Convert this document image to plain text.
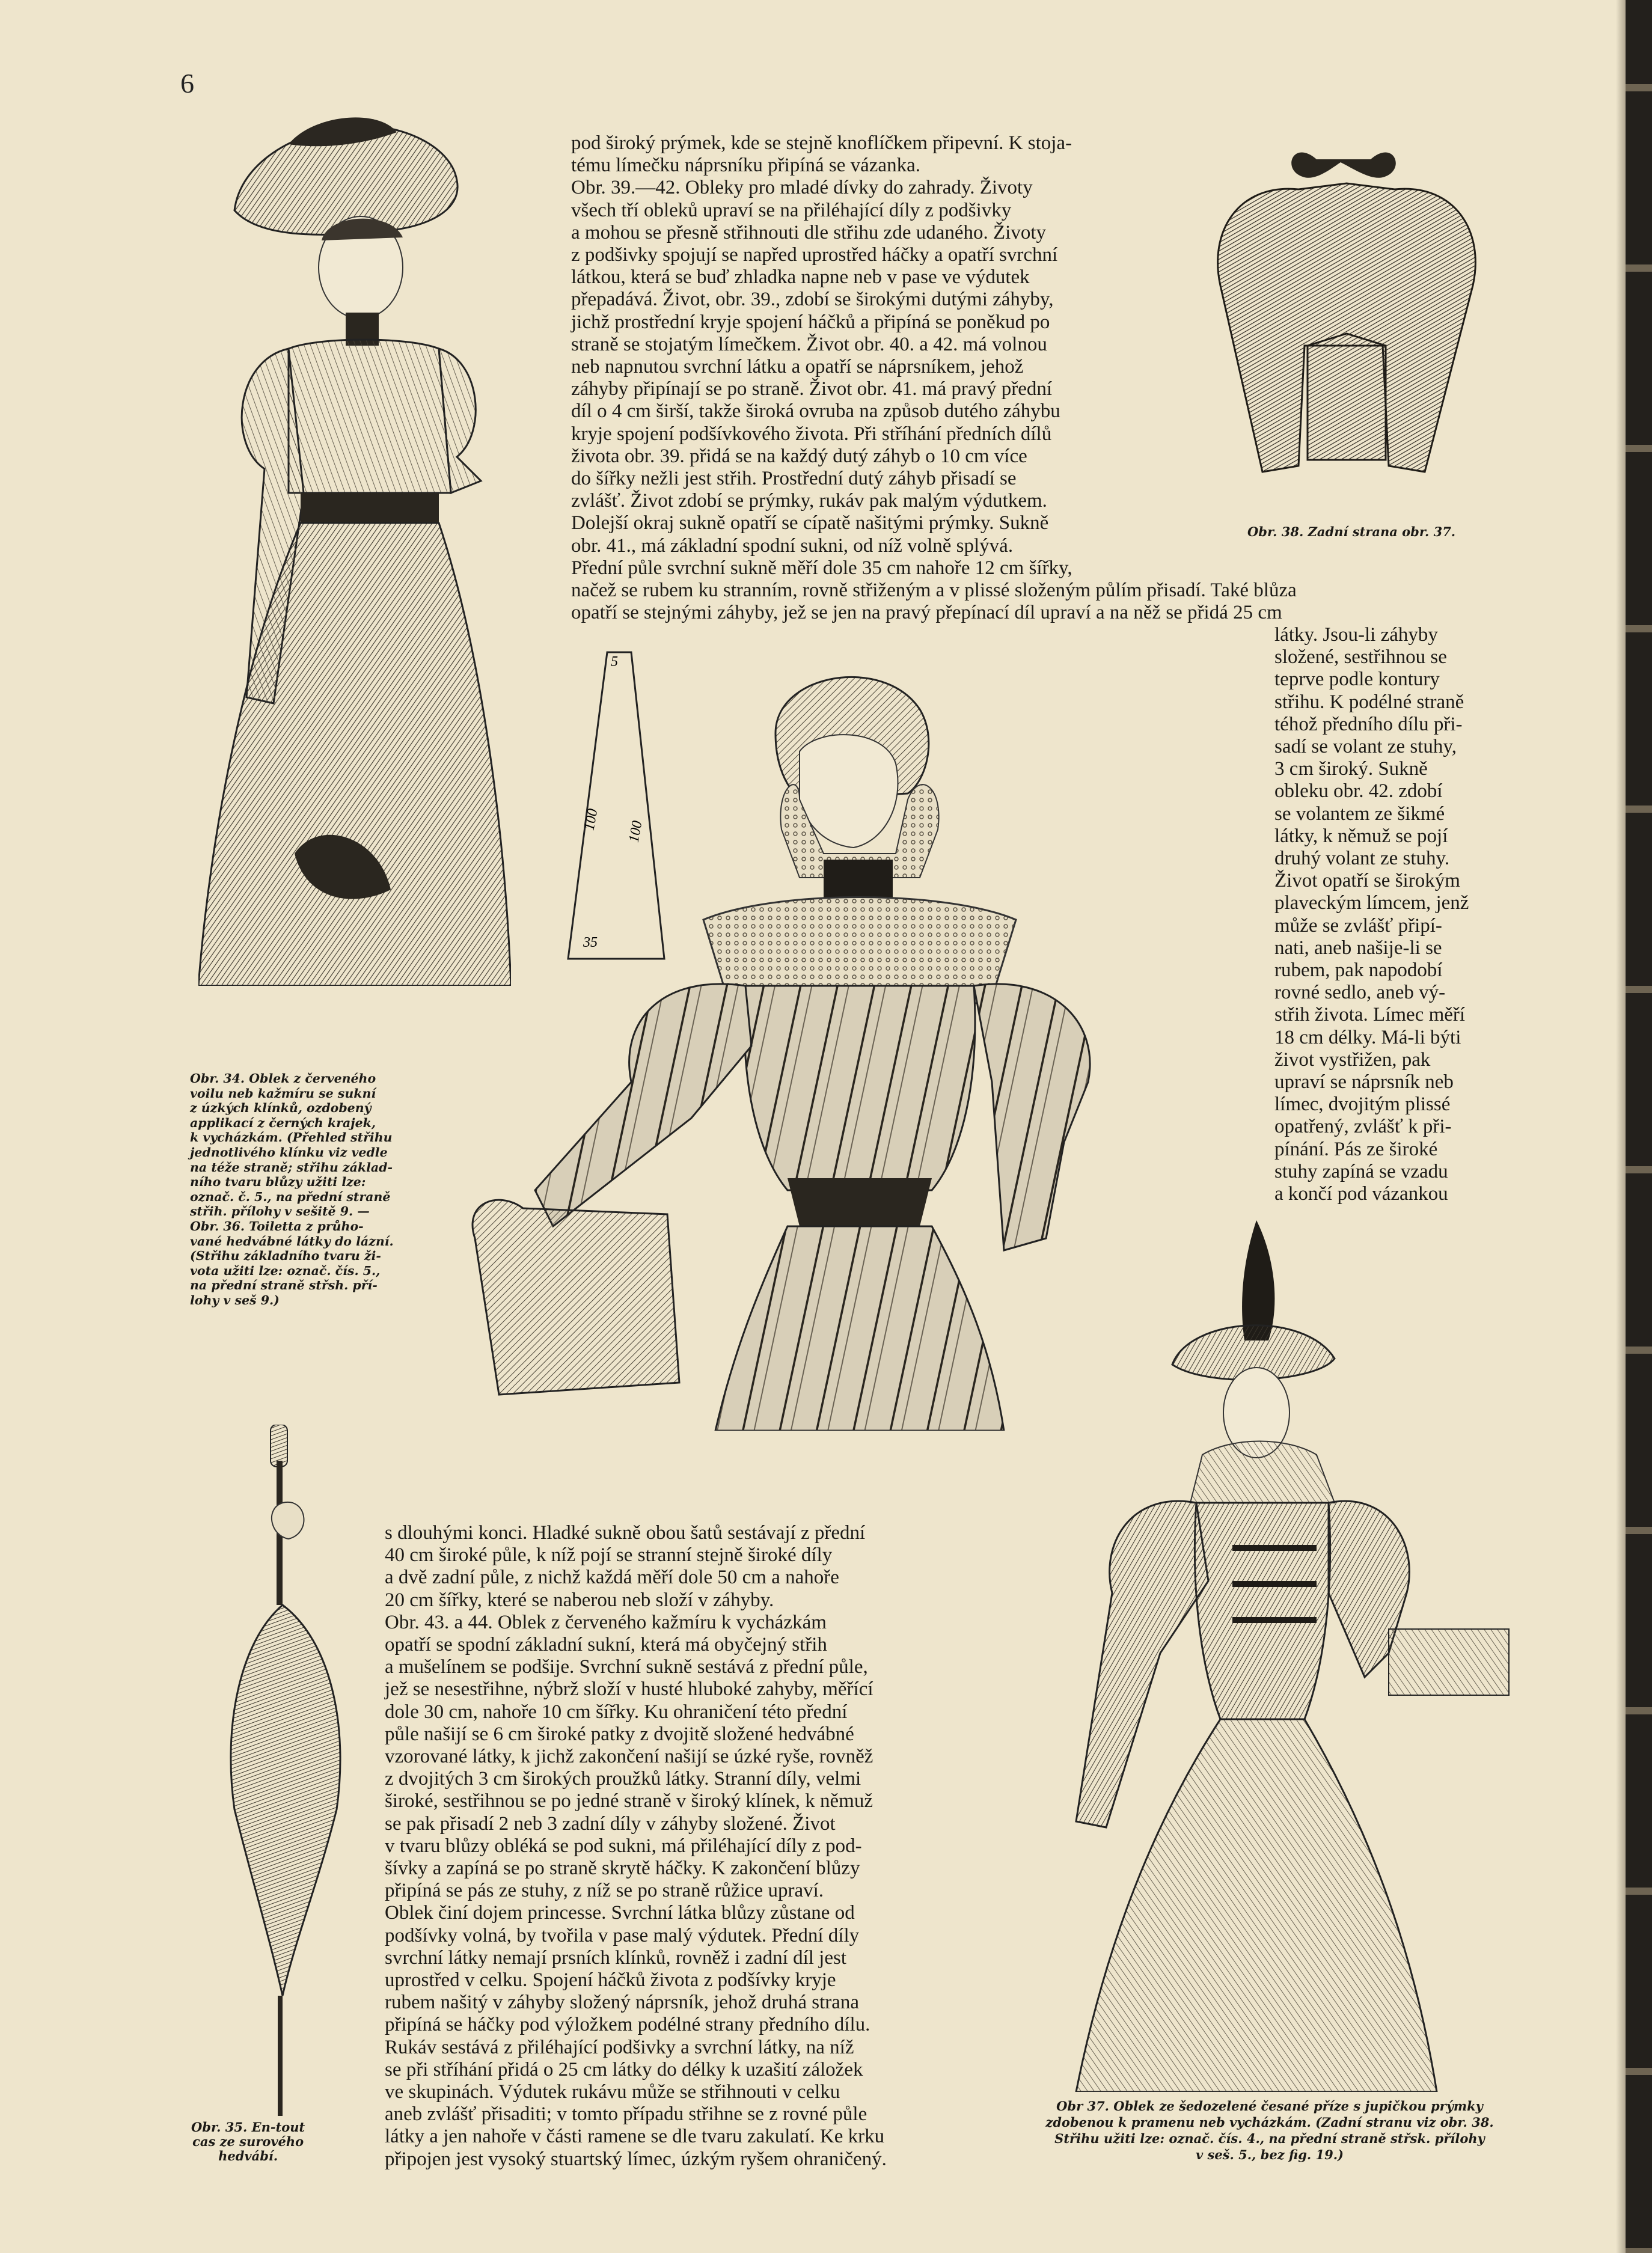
6
5
100
100
35
pod široký prýmek, kde se stejně knoflíčkem připevní. K stoja-
tému límečku náprsníku připíná se vázanka.
Obr. 39.—42. Obleky pro mladé dívky do zahrady. Životy
všech tří obleků upraví se na přiléhající díly z podšivky
a mohou se přesně střihnouti dle střihu zde udaného. Životy
z podšivky spojují se napřed uprostřed háčky a opatří svrchní
látkou, která se buď zhladka napne neb v pase ve výdutek
přepadává. Život, obr. 39., zdobí se širokými dutými záhyby,
jichž prostřední kryje spojení háčků a připíná se poněkud po
straně se stojatým límečkem. Život obr. 40. a 42. má volnou
neb napnutou svrchní látku a opatří se náprsníkem, jehož
záhyby připínají se po straně. Život obr. 41. má pravý přední
díl o 4 cm širší, takže široká ovruba na způsob dutého záhybu
kryje spojení podšívkového života. Při stříhání předních dílů
života obr. 39. přidá se na každý dutý záhyb o 10 cm více
do šířky nežli jest střih. Prostřední dutý záhyb přisadí se
zvlášť. Život zdobí se prýmky, rukáv pak malým výdutkem.
Dolejší okraj sukně opatří se cípatě našitými prýmky. Sukně
obr. 41., má základní spodní sukni, od níž volně splývá.
Přední půle svrchní sukně měří dole 35 cm nahoře 12 cm šířky,
načež se rubem ku stranním, rovně střiženým a v plissé složeným půlím přisadí. Také blůza
opatří se stejnými záhyby, jež se jen na pravý přepínací díl upraví a na něž se přidá 25 cm
látky. Jsou-li záhyby
složené, sestřihnou se
teprve podle kontury
střihu. K podélné straně
téhož předního dílu při-
sadí se volant ze stuhy,
3 cm široký. Sukně
obleku obr. 42. zdobí
se volantem ze šikmé
látky, k němuž se pojí
druhý volant ze stuhy.
Život opatří se širokým
plaveckým límcem, jenž
může se zvlášť připí-
nati, aneb našije-li se
rubem, pak napodobí
rovné sedlo, aneb vý-
střih života. Límec měří
18 cm délky. Má-li býti
život vystřižen, pak
upraví se náprsník neb
límec, dvojitým plissé
opatřený, zvlášť k při-
pínání. Pás ze široké
stuhy zapíná se vzadu
a končí pod vázankou
Obr. 38. Zadní strana obr. 37.
Obr. 34. Oblek z červeného
voilu neb kažmíru se sukní
z úzkých klínků, ozdobený
applikací z černých krajek,
k vycházkám. (Přehled střihu
jednotlivého klínku viz vedle
na téže straně; střihu základ-
ního tvaru blůzy užiti lze:
označ. č. 5., na přední straně
střih. přílohy v sešitě 9. —
Obr. 36. Toiletta z průho-
vané hedvábné látky do lázní.
(Střihu základního tvaru ži-
vota užiti lze: označ. čís. 5.,
na přední straně střsh. pří-
lohy v seš 9.)
Obr. 35. En-tout
cas ze surového
hedvábí.
s dlouhými konci. Hladké sukně obou šatů sestávají z přední
40 cm široké půle, k níž pojí se stranní stejně široké díly
a dvě zadní půle, z nichž každá měří dole 50 cm a nahoře
20 cm šířky, které se naberou neb složí v záhyby.
Obr. 43. a 44. Oblek z červeného kažmíru k vycházkám
opatří se spodní základní sukní, která má obyčejný střih
a mušelínem se podšije. Svrchní sukně sestává z přední půle,
jež se nesestřihne, nýbrž složí v husté hluboké zahyby, měřící
dole 30 cm, nahoře 10 cm šířky. Ku ohraničení této přední
půle našijí se 6 cm široké patky z dvojitě složené hedvábné
vzorované látky, k jichž zakončení našijí se úzké ryše, rovněž
z dvojitých 3 cm širokých proužků látky. Stranní díly, velmi
široké, sestřihnou se po jedné straně v široký klínek, k němuž
se pak přisadí 2 neb 3 zadní díly v záhyby složené. Život
v tvaru blůzy obléká se pod sukni, má přiléhající díly z pod-
šívky a zapíná se po straně skrytě háčky. K zakončení blůzy
připíná se pás ze stuhy, z níž se po straně růžice upraví.
Oblek činí dojem princesse. Svrchní látka blůzy zůstane od
podšívky volná, by tvořila v pase malý výdutek. Přední díly
svrchní látky nemají prsních klínků, rovněž i zadní díl jest
uprostřed v celku. Spojení háčků života z podšívky kryje
rubem našitý v záhyby složený náprsník, jehož druhá strana
připíná se háčky pod výložkem podélné strany předního dílu.
Rukáv sestává z přiléhající podšivky a svrchní látky, na níž
se při stříhání přidá o 25 cm látky do délky k uzašití záložek
ve skupinách. Výdutek rukávu může se střihnouti v celku
aneb zvlášť přisaditi; v tomto případu střihne se z rovné půle
látky a jen nahoře v části ramene se dle tvaru zakulatí. Ke krku
připojen jest vysoký stuartský límec, úzkým ryšem ohraničený.
Obr 37. Oblek ze šedozelené česané příze s jupičkou prýmky
zdobenou k pramenu neb vycházkám. (Zadní stranu viz obr. 38.
Střihu užiti lze: označ. čís. 4., na přední straně střsk. přílohy
v seš. 5., bez fig. 19.)
